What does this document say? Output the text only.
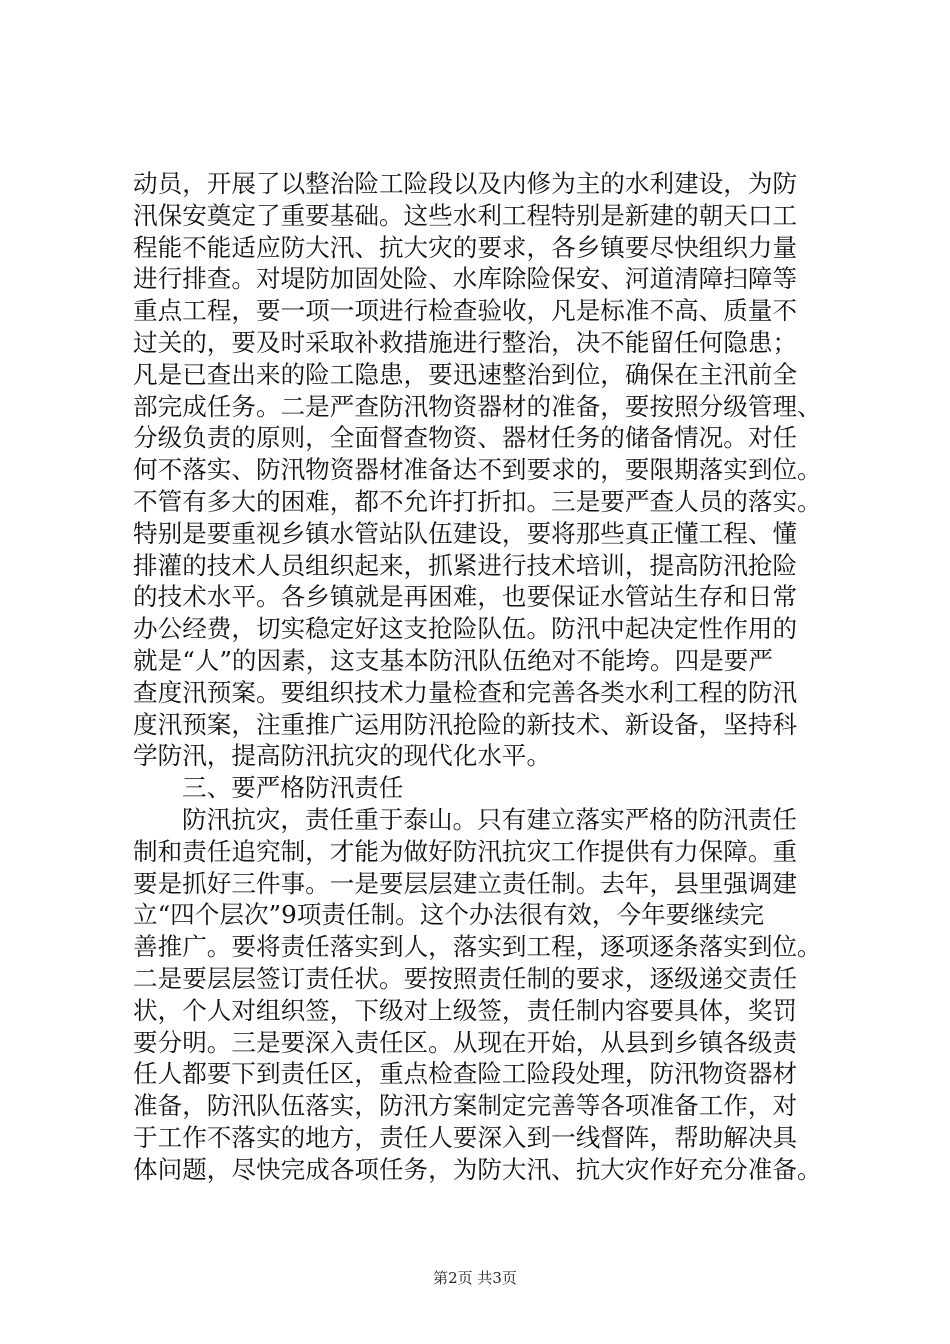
动员，开展了以整治险工险段以及内修为主的水利建设，为防
汛保安奠定了重要基础。这些水利工程特别是新建的朝天口工
程能不能适应防大汛、抗大灾的要求，各乡镇要尽快组织力量
进行排查。对堤防加固处险、水库除险保安、河道清障扫障等
重点工程，要一项一项进行检查验收，凡是标准不高、质量不
过关的，要及时采取补救措施进行整治，决不能留任何隐患；
凡是已查出来的险工隐患，要迅速整治到位，确保在主汛前全
部完成任务。二是严查防汛物资器材的准备，要按照分级管理、
分级负责的原则，全面督查物资、器材任务的储备情况。对任
何不落实、防汛物资器材准备达不到要求的，要限期落实到位。
不管有多大的困难，都不允许打折扣。三是要严查人员的落实。
特别是要重视乡镇水管站队伍建设，要将那些真正懂工程、懂
排灌的技术人员组织起来，抓紧进行技术培训，提高防汛抢险
的技术水平。各乡镇就是再困难，也要保证水管站生存和日常
办公经费，切实稳定好这支抢险队伍。防汛中起决定性作用的
就是“人”的因素，这支基本防汛队伍绝对不能垮。四是要严
查度汛预案。要组织技术力量检查和完善各类水利工程的防汛
度汛预案，注重推广运用防汛抢险的新技术、新设备，坚持科
学防汛，提高防汛抗灾的现代化水平。
三、要严格防汛责任
防汛抗灾，责任重于泰山。只有建立落实严格的防汛责任
制和责任追究制，才能为做好防汛抗灾工作提供有力保障。重
要是抓好三件事。一是要层层建立责任制。去年，县里强调建
立“四个层次”9项责任制。这个办法很有效，今年要继续完
善推广。要将责任落实到人，落实到工程，逐项逐条落实到位。
二是要层层签订责任状。要按照责任制的要求，逐级递交责任
状，个人对组织签，下级对上级签，责任制内容要具体，奖罚
要分明。三是要深入责任区。从现在开始，从县到乡镇各级责
任人都要下到责任区，重点检查险工险段处理，防汛物资器材
准备，防汛队伍落实，防汛方案制定完善等各项准备工作，对
于工作不落实的地方，责任人要深入到一线督阵，帮助解决具
体问题，尽快完成各项任务，为防大汛、抗大灾作好充分准备。
第2页 共3页
